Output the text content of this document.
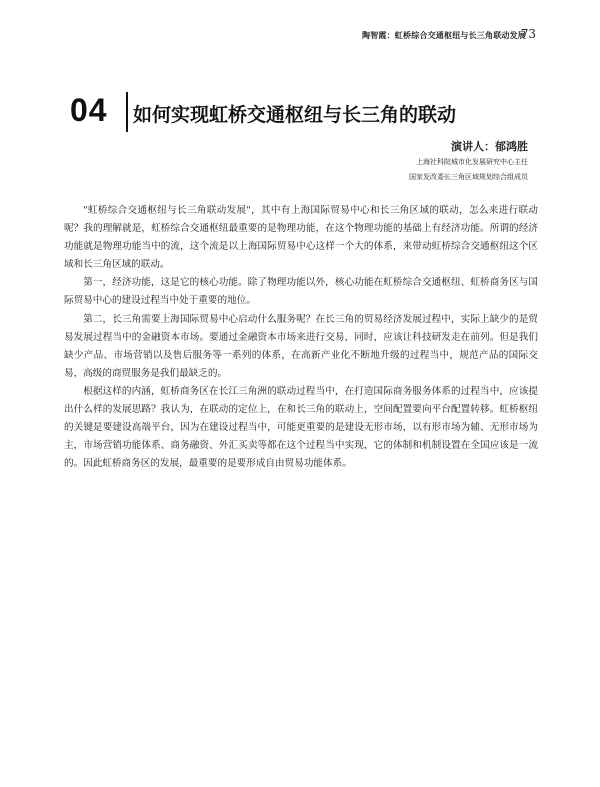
陶智霞：虹桥综合交通枢纽与长三角联动发展
73
04 如何实现虹桥交通枢纽与长三角的联动
演讲人：郁鸿胜
上海社科院城市化发展研究中心主任
国家发改委长三角区域规划综合组成员

"虹桥综合交通枢纽与长三角联动发展"，其中有上海国际贸易中心和长三角区域的联动，怎么来进行联动呢？我的理解就是，虹桥综合交通枢纽最重要的是物理功能，在这个物理功能的基础上有经济功能。所谓的经济功能就是物理功能当中的流，这个流是以上海国际贸易中心这样一个大的体系，来带动虹桥综合交通枢纽这个区域和长三角区域的联动。

第一，经济功能，这是它的核心功能。除了物理功能以外，核心功能在虹桥综合交通枢纽、虹桥商务区与国际贸易中心的建设过程当中处于重要的地位。

第二，长三角需要上海国际贸易中心启动什么服务呢？在长三角的贸易经济发展过程中，实际上缺少的是贸易发展过程当中的金融资本市场。要通过金融资本市场来进行交易，同时，应该让科技研发走在前列。但是我们缺少产品、市场营销以及售后服务等一系列的体系，在高新产业化不断地升级的过程当中，规范产品的国际交易，高级的商贸服务是我们最缺乏的。

根据这样的内涵，虹桥商务区在长江三角洲的联动过程当中，在打造国际商务服务体系的过程当中，应该提出什么样的发展思路？我认为，在联动的定位上，在和长三角的联动上，空间配置要向平台配置转移。虹桥枢纽的关键是要建设高端平台，因为在建设过程当中，可能更重要的是建设无形市场，以有形市场为辅、无形市场为主，市场营销功能体系、商务融资、外汇买卖等都在这个过程当中实现，它的体制和机制设置在全国应该是一流的。因此虹桥商务区的发展，最重要的是要形成自由贸易功能体系。
